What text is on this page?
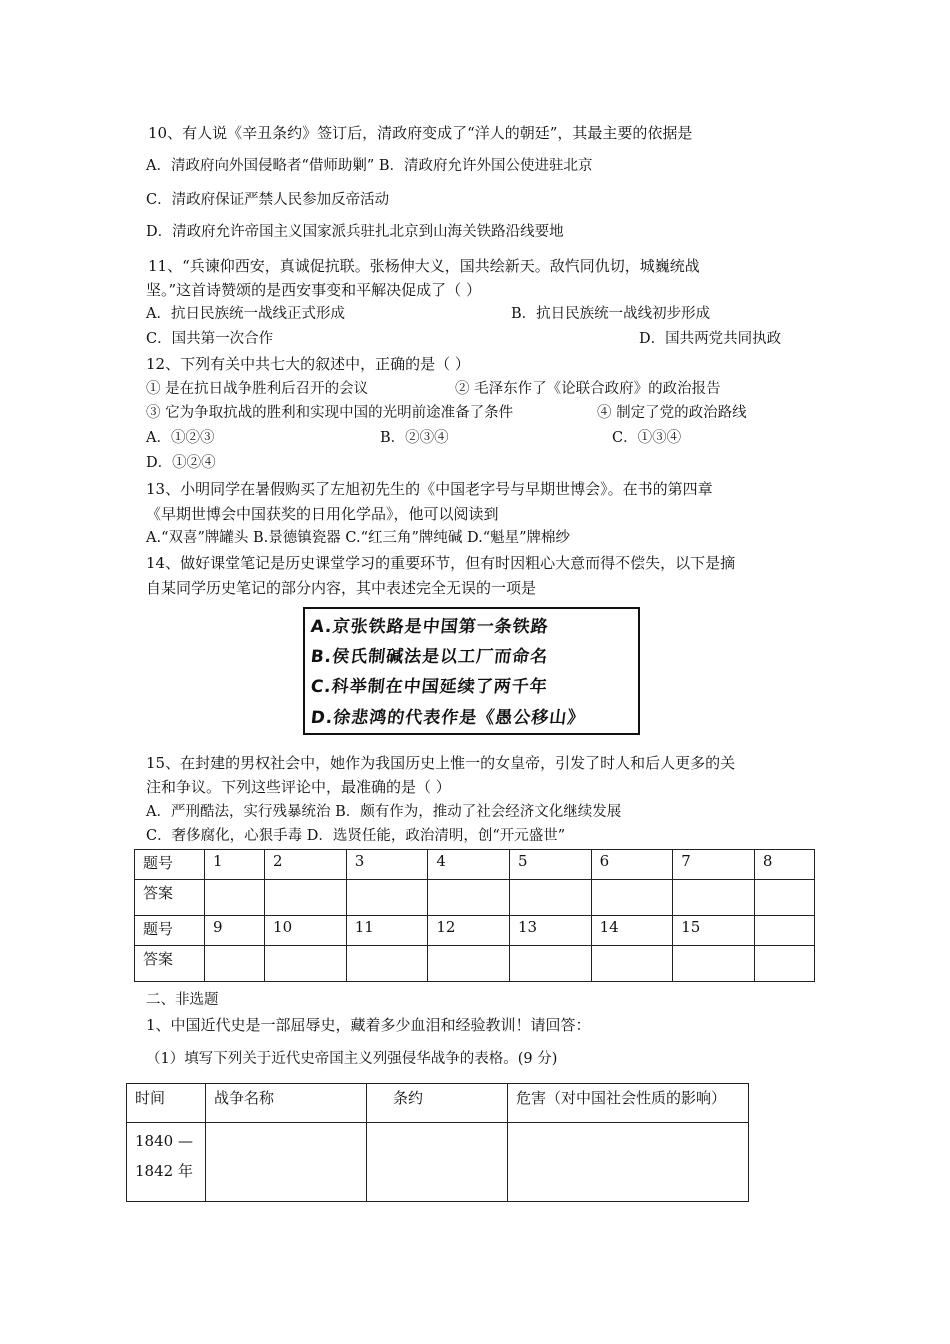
10、有人说《辛丑条约》签订后，清政府变成了“洋人的朝廷”，其最主要的依据是
A．清政府向外国侵略者“借师助剿” B．清政府允许外国公使进驻北京
C．清政府保证严禁人民参加反帝活动
D．清政府允许帝国主义国家派兵驻扎北京到山海关铁路沿线要地
11、“兵谏仰西安，真诚促抗联。张杨伸大义，国共绘新天。敌忾同仇切，城巍统战
坚。”这首诗赞颂的是西安事变和平解决促成了（ ）
A．抗日民族统一战线正式形成	B．抗日民族统一战线初步形成
C．国共第一次合作	D．国共两党共同执政
12、下列有关中共七大的叙述中，正确的是（ ）
① 是在抗日战争胜利后召开的会议	② 毛泽东作了《论联合政府》的政治报告
③ 它为争取抗战的胜利和实现中国的光明前途准备了条件	④ 制定了党的政治路线
A．①②③	B．②③④	C．①③④
D．①②④
13、小明同学在暑假购买了左旭初先生的《中国老字号与早期世博会》。在书的第四章
《早期世博会中国获奖的日用化学品》，他可以阅读到
A.“双喜”牌罐头 B.景德镇瓷器 C.“红三角”牌纯碱 D.“魁星”牌棉纱
14、做好课堂笔记是历史课堂学习的重要环节，但有时因粗心大意而得不偿失，以下是摘
自某同学历史笔记的部分内容，其中表述完全无误的一项是
A.京张铁路是中国第一条铁路
B.侯氏制碱法是以工厂而命名
C.科举制在中国延续了两千年
D.徐悲鸿的代表作是《愚公移山》
15、在封建的男权社会中，她作为我国历史上惟一的女皇帝，引发了时人和后人更多的关
注和争议。下列这些评论中，最准确的是（ ）
A．严刑酷法，实行残暴统治 B．颇有作为，推动了社会经济文化继续发展
C．奢侈腐化，心狠手毒 D．选贤任能，政治清明，创“开元盛世”
题号	1	2	3	4	5	6	7	8
答案								
题号	9	10	11	12	13	14	15	
答案								
二、非选题
1、中国近代史是一部屈辱史，藏着多少血泪和经验教训！请回答：
（1）填写下列关于近代史帝国主义列强侵华战争的表格。(9 分)
时间	战争名称	条约	危害（对中国社会性质的影响）
1840 —
1842 年			
